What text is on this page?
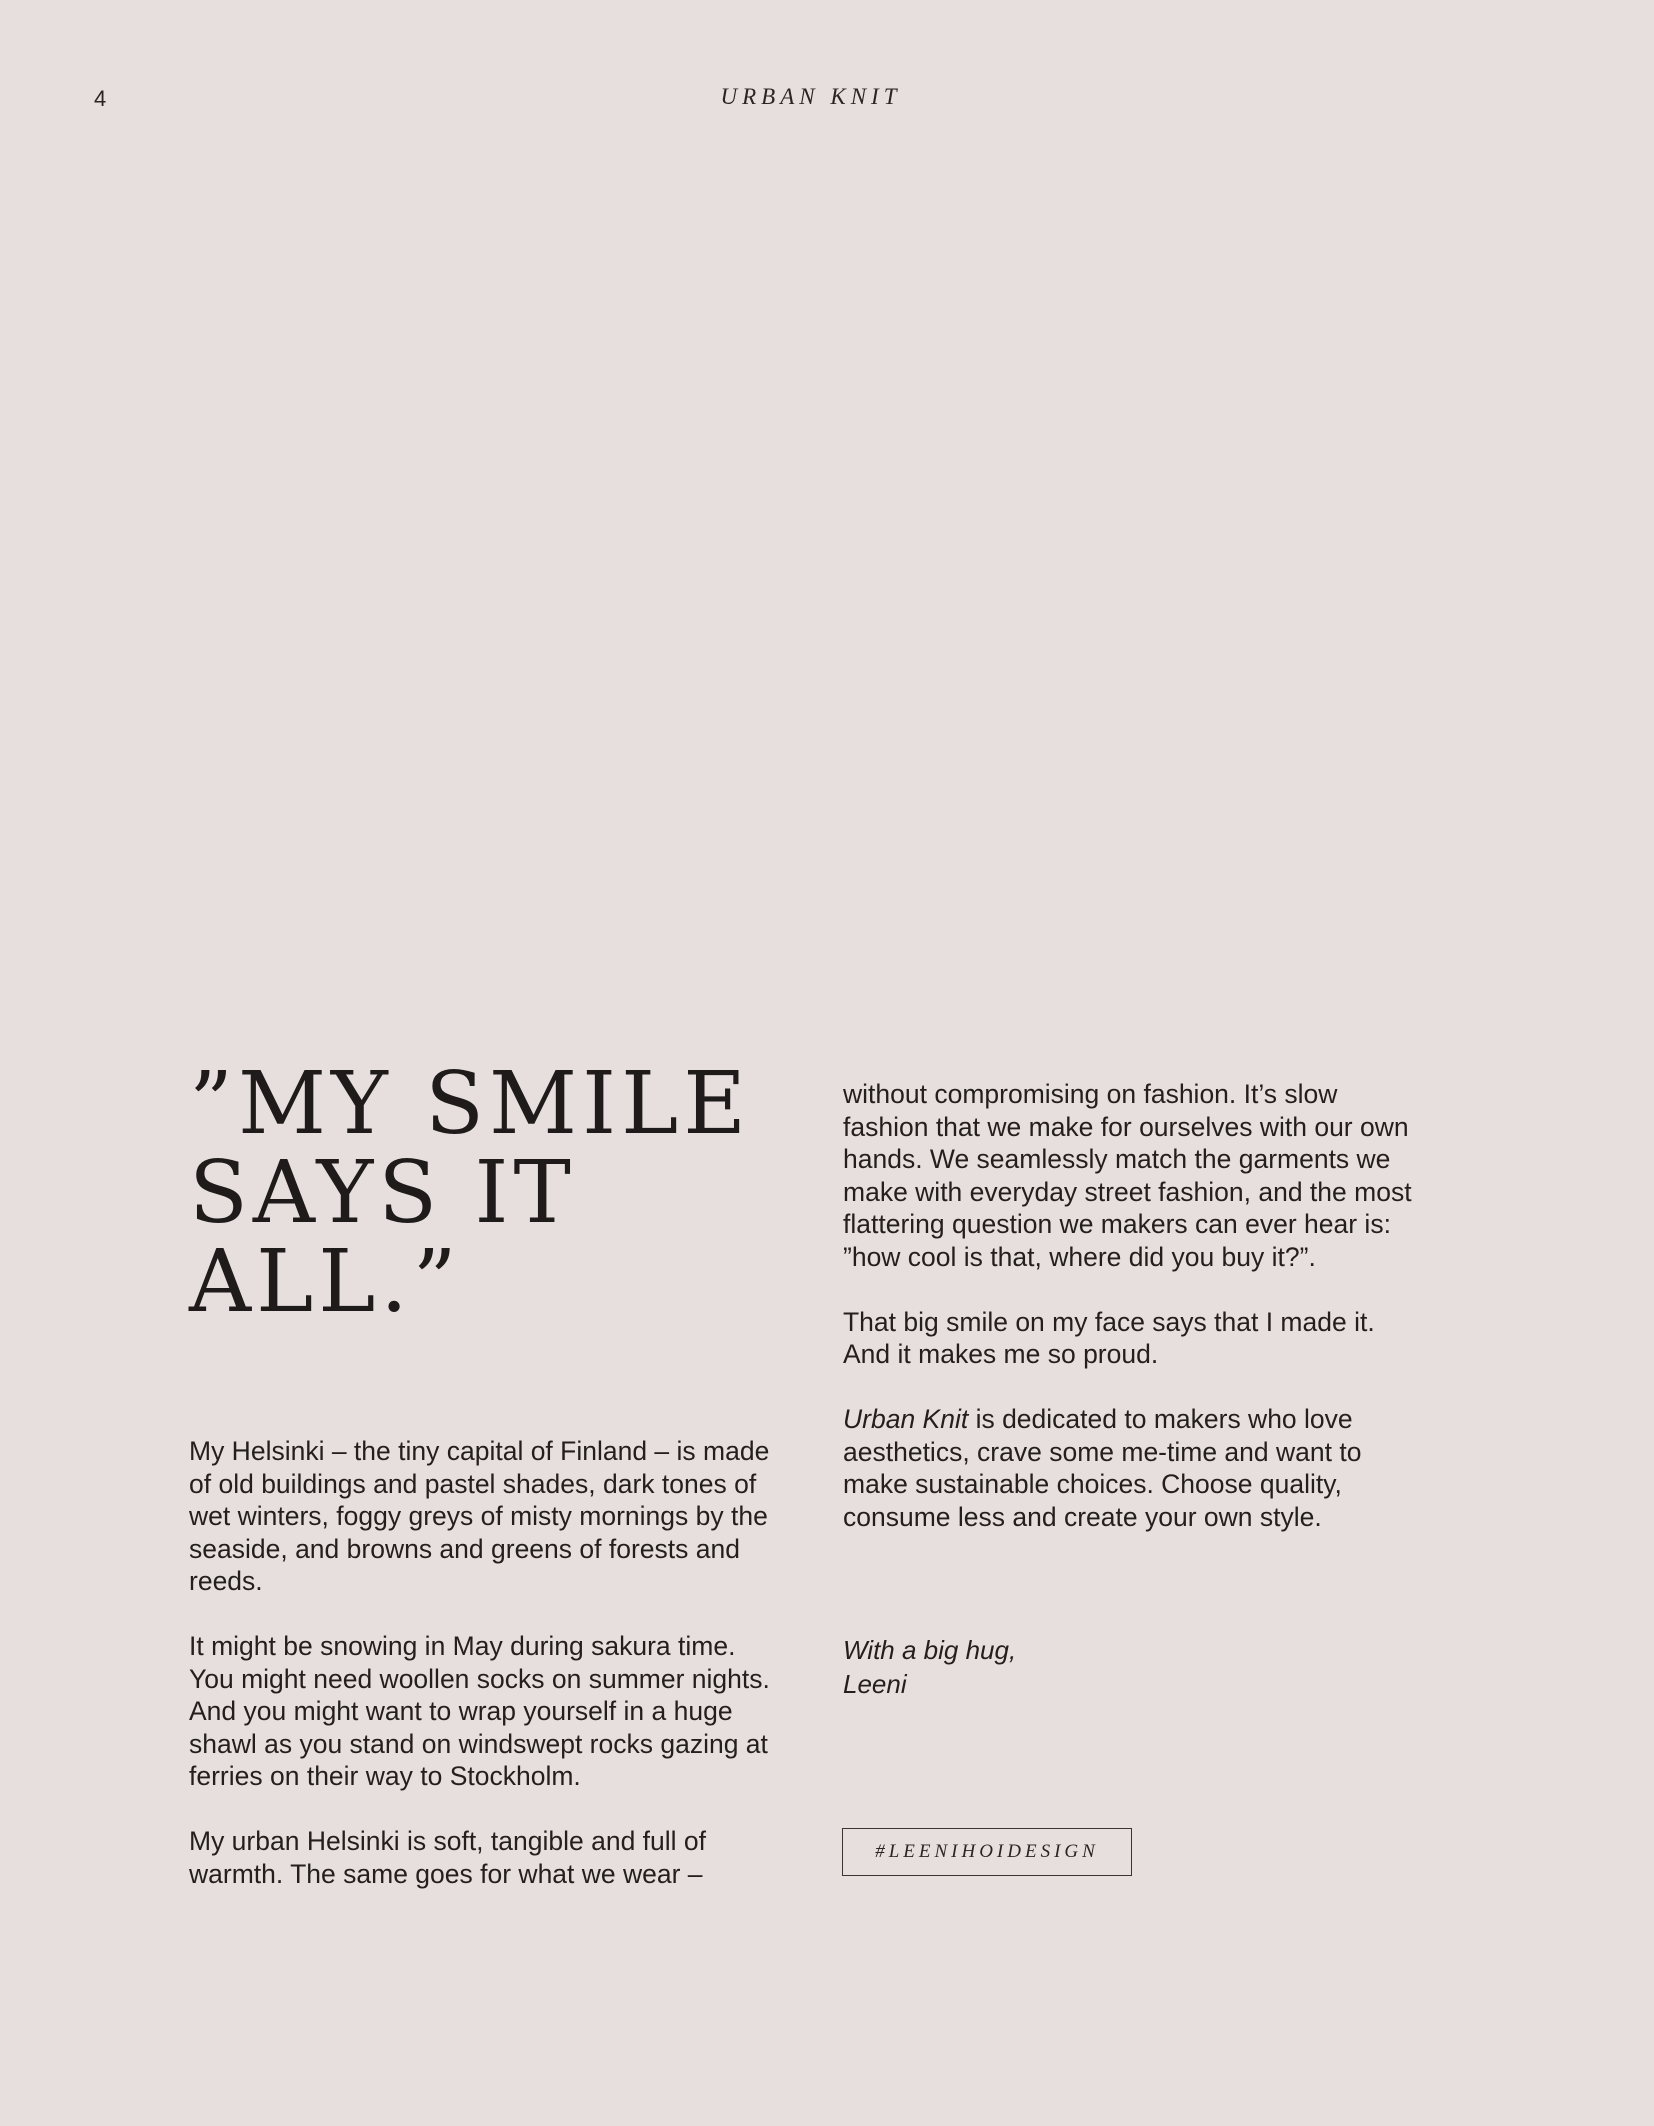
4	URBAN KNIT
”MY SMILE
SAYS IT
ALL.”
My Helsinki – the tiny capital of Finland – is made
of old buildings and pastel shades, dark tones of
wet winters, foggy greys of misty mornings by the
seaside, and browns and greens of forests and
reeds.
It might be snowing in May during sakura time.
You might need woollen socks on summer nights.
And you might want to wrap yourself in a huge
shawl as you stand on windswept rocks gazing at
ferries on their way to Stockholm.
My urban Helsinki is soft, tangible and full of
warmth. The same goes for what we wear –
without compromising on fashion. It’s slow
fashion that we make for ourselves with our own
hands. We seamlessly match the garments we
make with everyday street fashion, and the most
flattering question we makers can ever hear is:
”how cool is that, where did you buy it?”.
That big smile on my face says that I made it.
And it makes me so proud.
Urban Knit is dedicated to makers who love
aesthetics, crave some me-time and want to
make sustainable choices. Choose quality,
consume less and create your own style.
With a big hug,
Leeni
#LEENIHOIDESIGN
